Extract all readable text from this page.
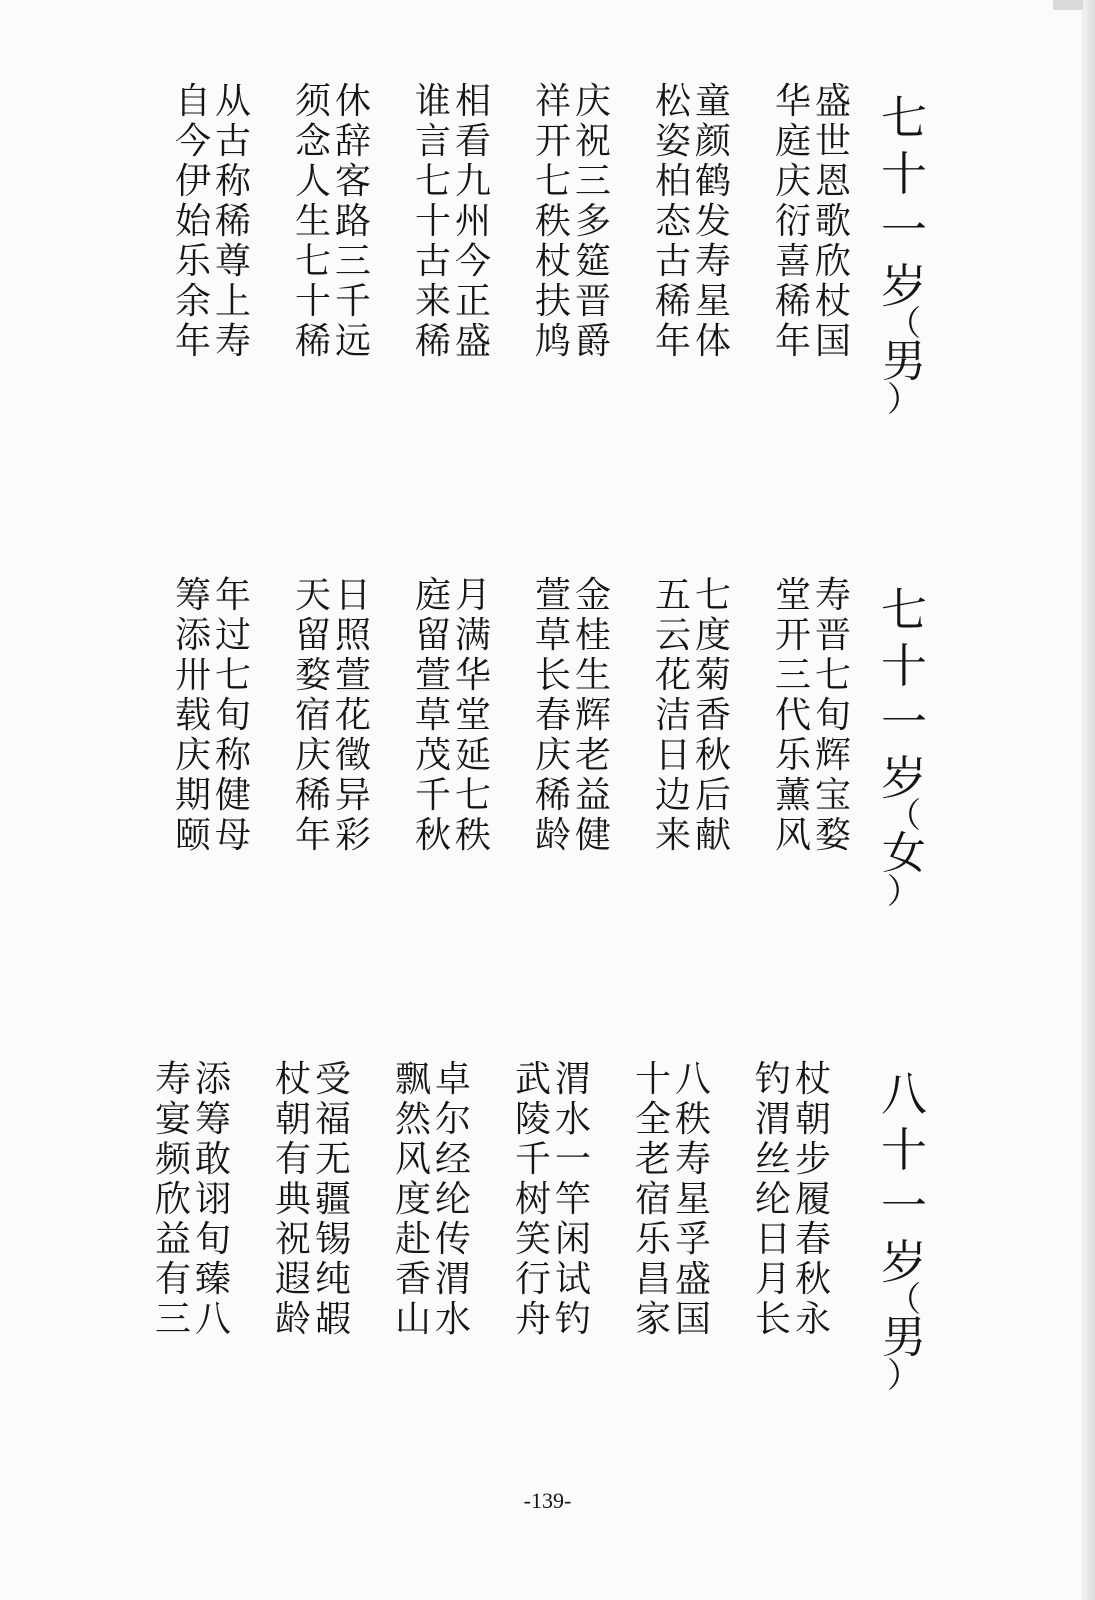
七
十
一
岁
（
男
）
盛
世
恩
歌
欣
杖
国
华
庭
庆
衍
喜
稀
年
童
颜
鹤
发
寿
星
体
松
姿
柏
态
古
稀
年
庆
祝
三
多
筵
晋
爵
祥
开
七
秩
杖
扶
鸠
相
看
九
州
今
正
盛
谁
言
七
十
古
来
稀
休
辞
客
路
三
千
远
须
念
人
生
七
十
稀
从
古
称
稀
尊
上
寿
自
今
伊
始
乐
余
年
七
十
一
岁
（
女
）
寿
晋
七
旬
辉
宝
婺
堂
开
三
代
乐
薰
风
七
度
菊
香
秋
后
献
五
云
花
洁
日
边
来
金
桂
生
辉
老
益
健
萱
草
长
春
庆
稀
龄
月
满
华
堂
延
七
秩
庭
留
萱
草
茂
千
秋
日
照
萱
花
徵
异
彩
天
留
婺
宿
庆
稀
年
年
过
七
旬
称
健
母
筹
添
卅
载
庆
期
颐
八
十
一
岁
（
男
）
杖
朝
步
履
春
秋
永
钓
渭
丝
纶
日
月
长
八
秩
寿
星
孚
盛
国
十
全
老
宿
乐
昌
家
渭
水
一
竿
闲
试
钓
武
陵
千
树
笑
行
舟
卓
尔
经
纶
传
渭
水
飘
然
风
度
赴
香
山
受
福
无
疆
锡
纯
嘏
杖
朝
有
典
祝
遐
龄
添
筹
敢
诩
旬
臻
八
寿
宴
频
欣
益
有
三
-139-
